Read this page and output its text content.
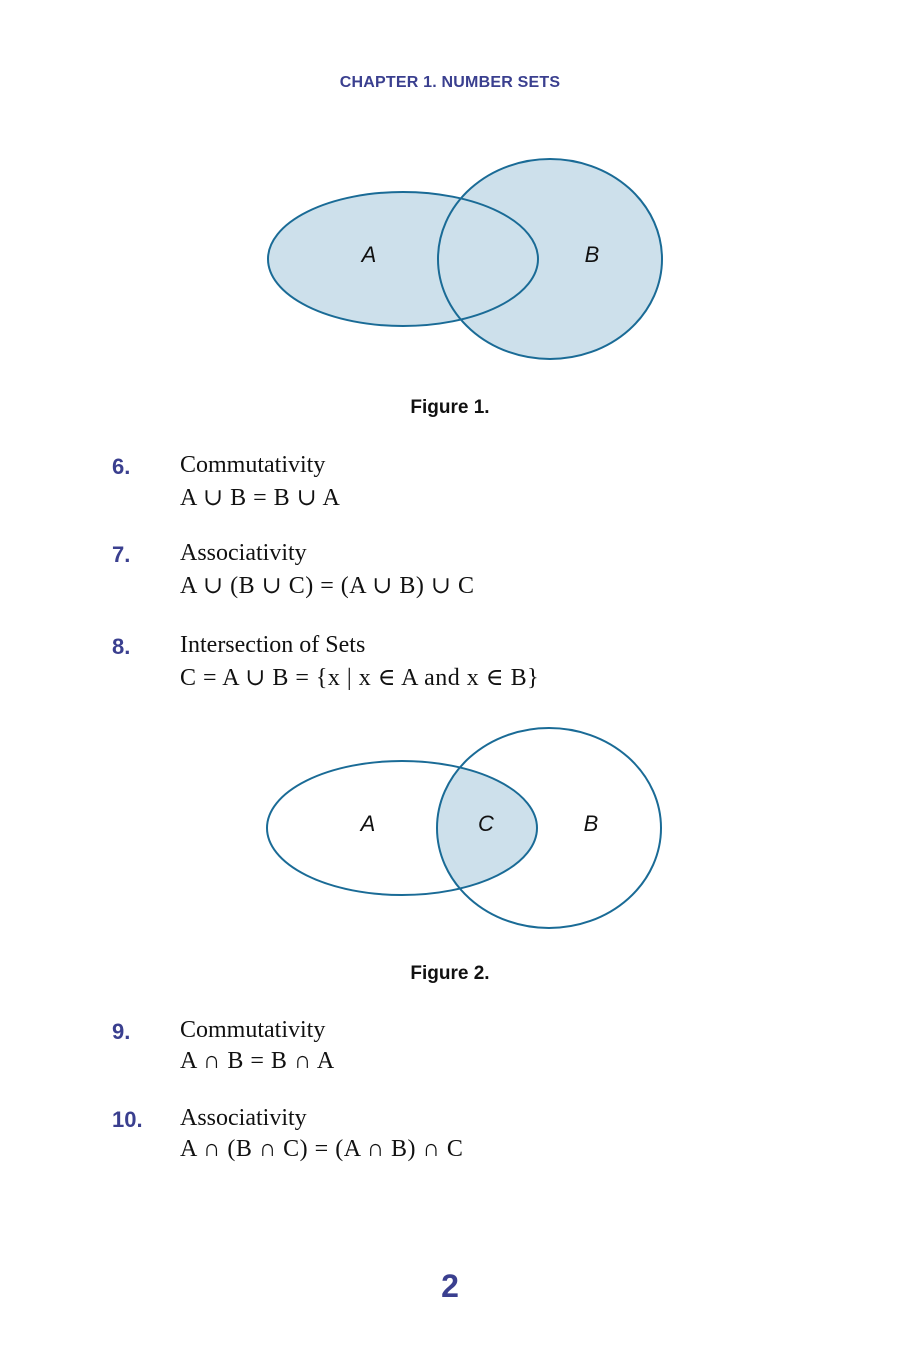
CHAPTER 1. NUMBER SETS
A	B
Figure 1.
6. Commutativity
A ∪ B = B ∪ A
7. Associativity
A ∪ (B ∪ C) = (A ∪ B) ∪ C
8. Intersection of Sets
C = A ∪ B = {x | x ∈ A and x ∈ B}
A	C	B
Figure 2.
9. Commutativity
A ∩ B = B ∩ A
10. Associativity
A ∩ (B ∩ C) = (A ∩ B) ∩ C
2
